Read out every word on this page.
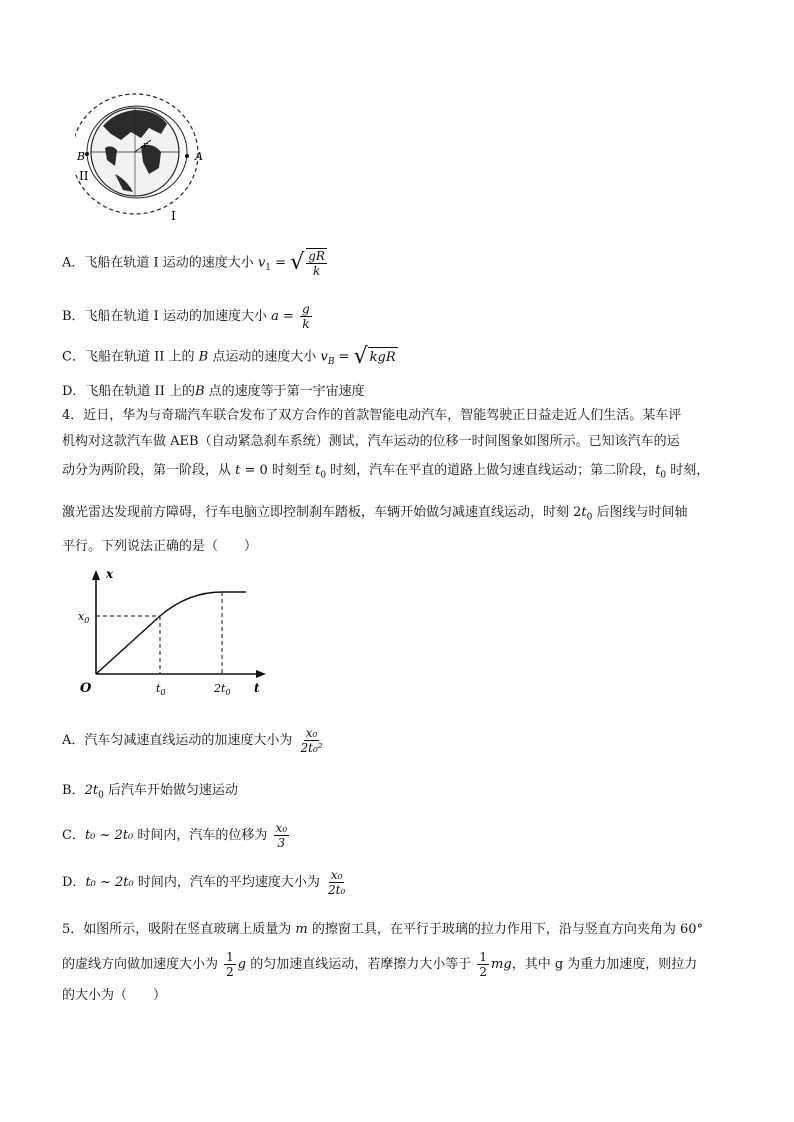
B	A
II
I
r
A．飞船在轨道 I 运动的速度大小 $v_1$ = √ $\frac{gR}{k}$
B．飞船在轨道 I 运动的加速度大小 $a = \frac{g}{k}$
C．飞船在轨道 II 上的 B 点运动的速度大小 $v_B$ = √ kgR
D．飞船在轨道 II 上的B 点的速度等于第一宇宙速度
4．近日，华为与奇瑞汽车联合发布了双方合作的首款智能电动汽车，智能驾驶正日益走近人们生活。某车评
机构对这款汽车做 AEB（自动紧急刹车系统）测试，汽车运动的位移一时间图象如图所示。已知该汽车的运
动分为两阶段，第一阶段，从 t = 0 时刻至 $t_0$ 时刻，汽车在平直的道路上做匀速直线运动；第二阶段，$t_0$ 时刻，
激光雷达发现前方障碍，行车电脑立即控制刹车踏板，车辆开始做匀减速直线运动，时刻 $2t_0$ 后图线与时间轴
平行。下列说法正确的是（　　）
x
t
O
$x_0$
$t_0$	$2t_0$
A．汽车匀减速直线运动的加速度大小为 $\frac{\text{x₀}}{\text{2t₀²}}$
B．$2t_0$ 后汽车开始做匀速运动
C．t₀ ~ 2t₀ 时间内，汽车的位移为 $\frac{\text{x₀}}{3}$
D．t₀ ~ 2t₀ 时间内，汽车的平均速度大小为 $\frac{\text{x₀}}{\text{2t₀}}$
5．如图所示，吸附在竖直玻璃上质量为 m 的擦窗工具，在平行于玻璃的拉力作用下，沿与竖直方向夹角为 60°
的虚线方向做加速度大小为 $\frac{1}{2}$ g 的匀加速直线运动，若摩擦力大小等于 $\frac{1}{2}$ mg，其中 g 为重力加速度，则拉力
的大小为（　　）
